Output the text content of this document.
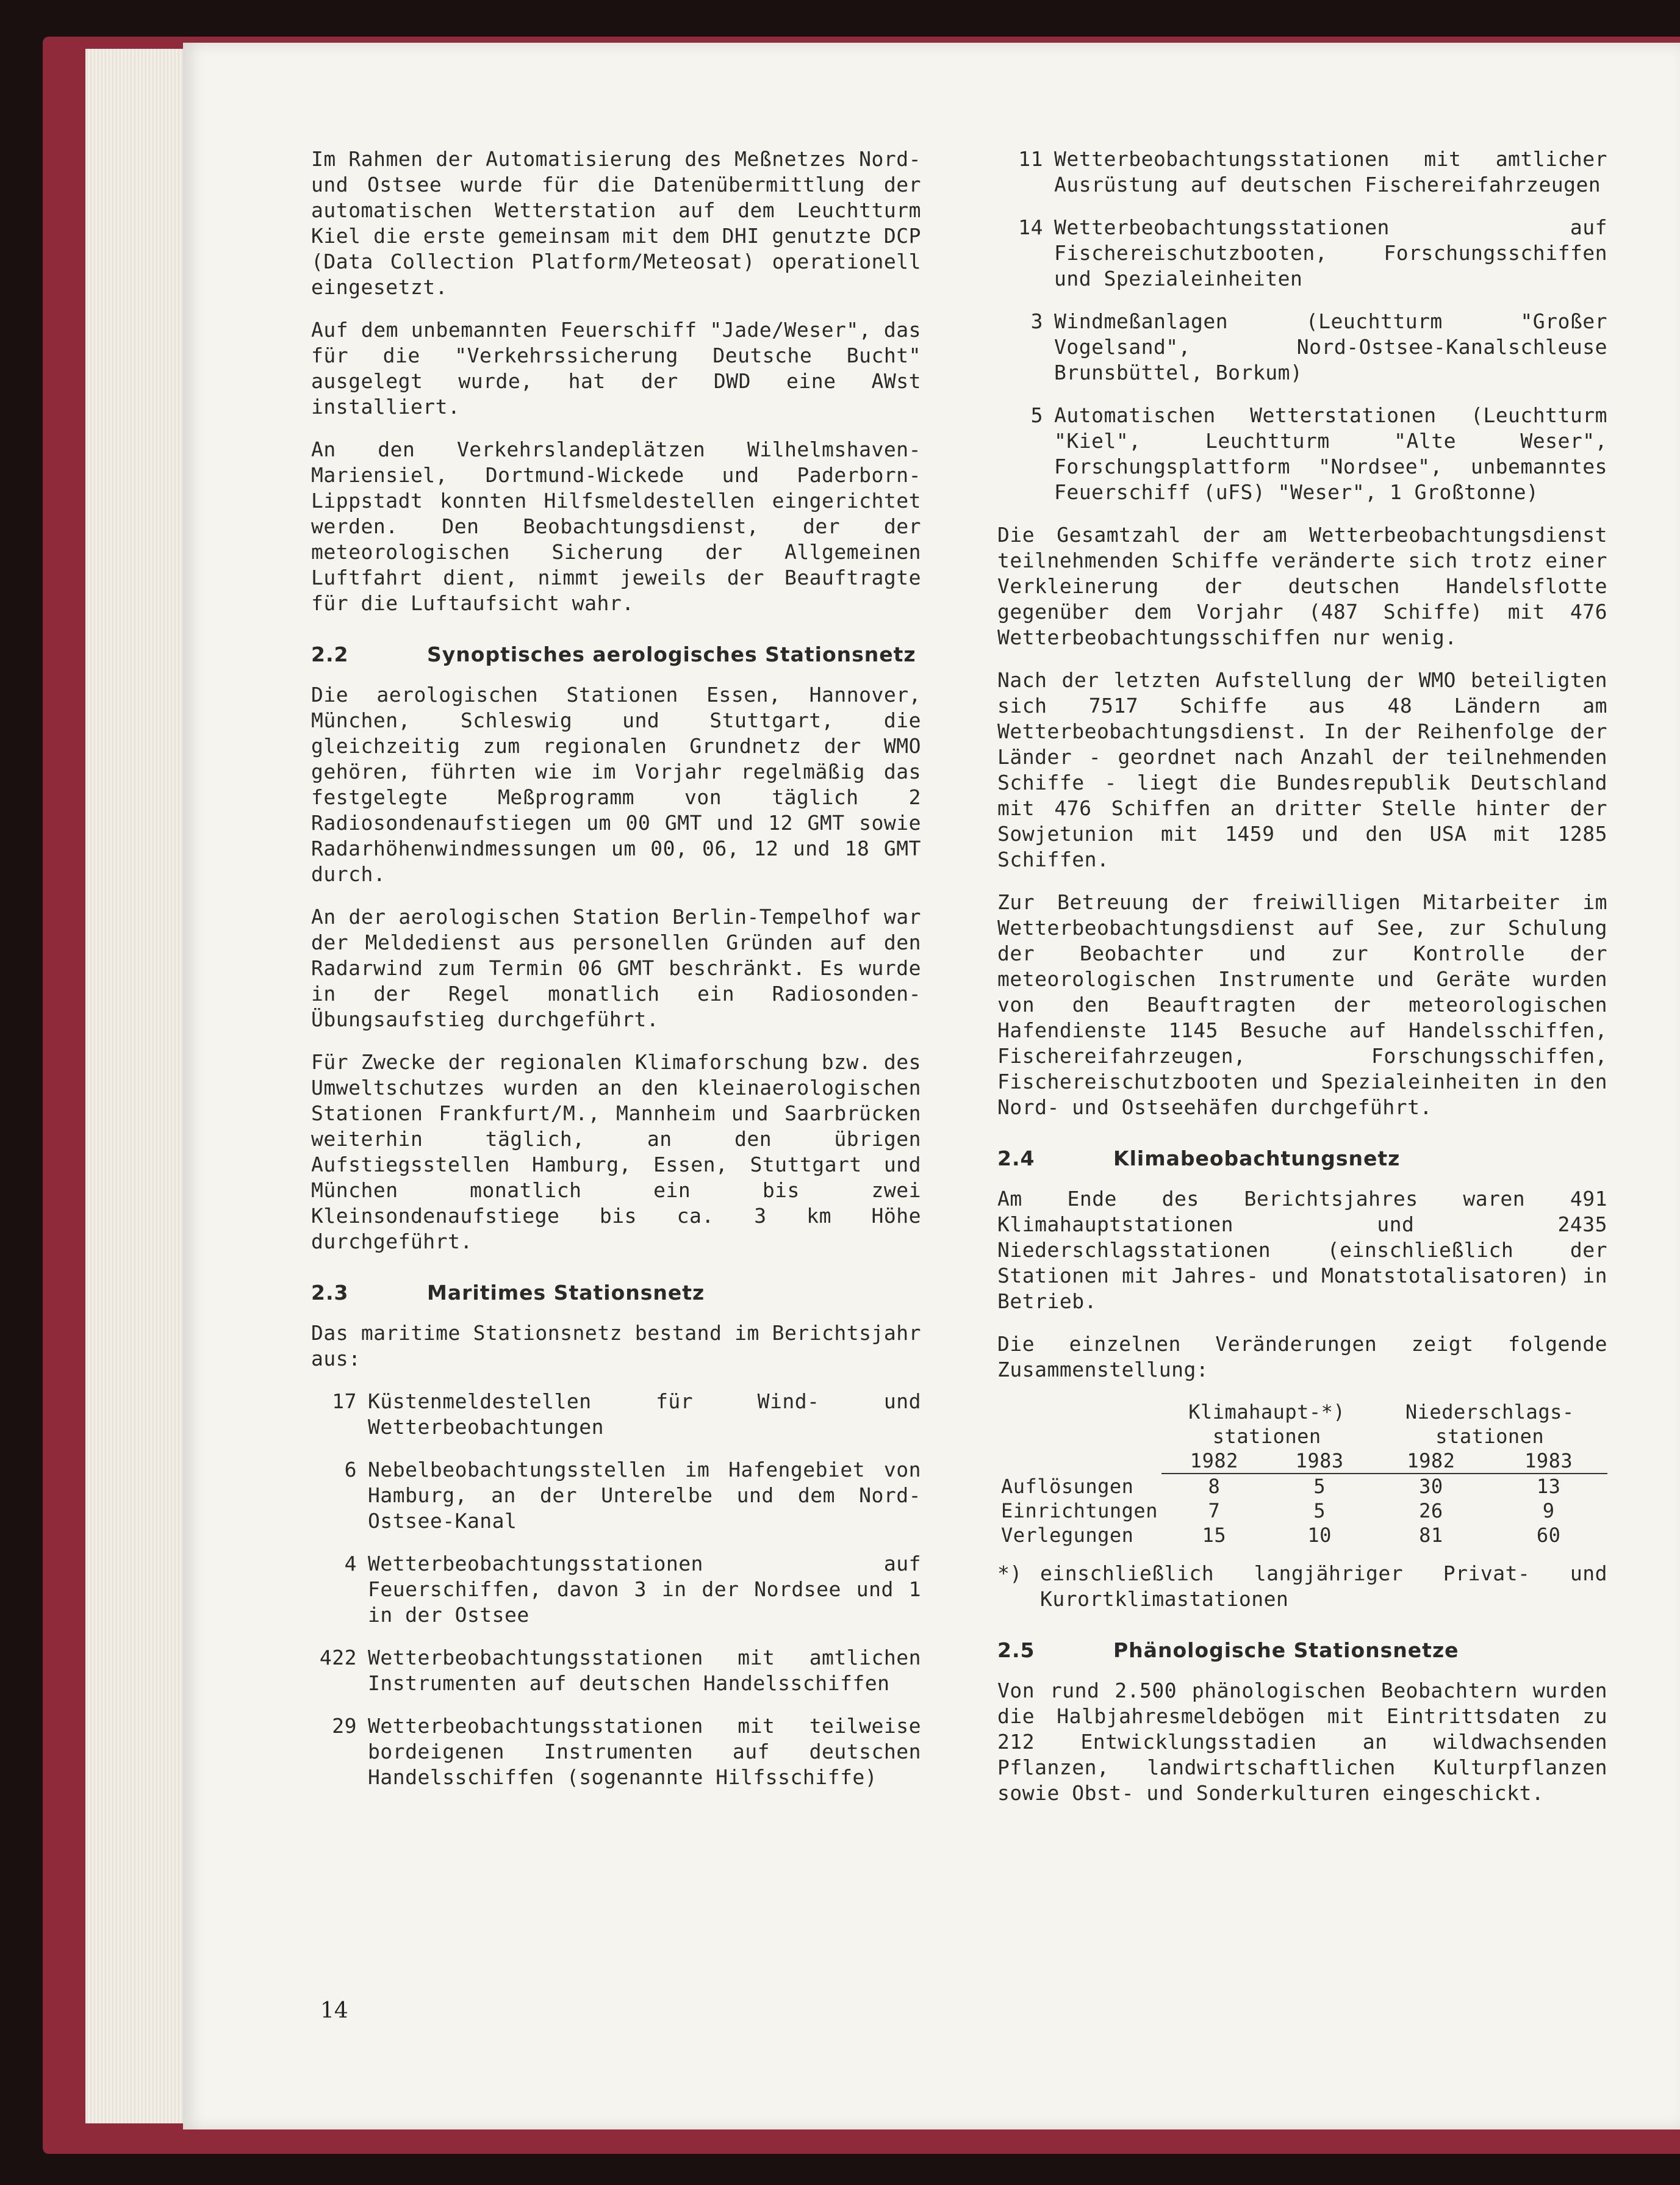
Im Rahmen der Automatisierung des Meßnetzes Nord- und Ostsee wurde für die Datenübermittlung der automatischen Wetterstation auf dem Leuchtturm Kiel die erste gemeinsam mit dem DHI genutzte DCP (Data Collection Platform/Meteosat) operationell eingesetzt.

Auf dem unbemannten Feuerschiff "Jade/Weser", das für die "Verkehrssicherung Deutsche Bucht" ausgelegt wurde, hat der DWD eine AWst installiert.

An den Verkehrslandeplätzen Wilhelmshaven-Mariensiel, Dortmund-Wickede und Paderborn-Lippstadt konnten Hilfsmeldestellen eingerichtet werden. Den Beobachtungsdienst, der der meteorologischen Sicherung der Allgemeinen Luftfahrt dient, nimmt jeweils der Beauftragte für die Luftaufsicht wahr.

2.2	Synoptisches aerologisches Stationsnetz

Die aerologischen Stationen Essen, Hannover, München, Schleswig und Stuttgart, die gleichzeitig zum regionalen Grundnetz der WMO gehören, führten wie im Vorjahr regelmäßig das festgelegte Meßprogramm von täglich 2 Radiosondenaufstiegen um 00 GMT und 12 GMT sowie Radarhöhenwindmessungen um 00, 06, 12 und 18 GMT durch.

An der aerologischen Station Berlin-Tempelhof war der Meldedienst aus personellen Gründen auf den Radarwind zum Termin 06 GMT beschränkt. Es wurde in der Regel monatlich ein Radiosonden-Übungsaufstieg durchgeführt.

Für Zwecke der regionalen Klimaforschung bzw. des Umweltschutzes wurden an den kleinaerologischen Stationen Frankfurt/M., Mannheim und Saarbrücken weiterhin täglich, an den übrigen Aufstiegsstellen Hamburg, Essen, Stuttgart und München monatlich ein bis zwei Kleinsondenaufstiege bis ca. 3 km Höhe durchgeführt.

2.3	Maritimes Stationsnetz

Das maritime Stationsnetz bestand im Berichtsjahr aus:

17 Küstenmeldestellen für Wind- und Wetterbeobachtungen
6 Nebelbeobachtungsstellen im Hafengebiet von Hamburg, an der Unterelbe und dem Nord-Ostsee-Kanal
4 Wetterbeobachtungsstationen auf Feuerschiffen, davon 3 in der Nordsee und 1 in der Ostsee
422 Wetterbeobachtungsstationen mit amtlichen Instrumenten auf deutschen Handelsschiffen
29 Wetterbeobachtungsstationen mit teilweise bordeigenen Instrumenten auf deutschen Handelsschiffen (sogenannte Hilfsschiffe)
11 Wetterbeobachtungsstationen mit amtlicher Ausrüstung auf deutschen Fischereifahrzeugen
14 Wetterbeobachtungsstationen auf Fischereischutzbooten, Forschungsschiffen und Spezialeinheiten
3 Windmeßanlagen (Leuchtturm "Großer Vogelsand", Nord-Ostsee-Kanalschleuse Brunsbüttel, Borkum)
5 Automatischen Wetterstationen (Leuchtturm "Kiel", Leuchtturm "Alte Weser", Forschungsplattform "Nordsee", unbemanntes Feuerschiff (uFS) "Weser", 1 Großtonne)

Die Gesamtzahl der am Wetterbeobachtungsdienst teilnehmenden Schiffe veränderte sich trotz einer Verkleinerung der deutschen Handelsflotte gegenüber dem Vorjahr (487 Schiffe) mit 476 Wetterbeobachtungsschiffen nur wenig.

Nach der letzten Aufstellung der WMO beteiligten sich 7517 Schiffe aus 48 Ländern am Wetterbeobachtungsdienst. In der Reihenfolge der Länder - geordnet nach Anzahl der teilnehmenden Schiffe - liegt die Bundesrepublik Deutschland mit 476 Schiffen an dritter Stelle hinter der Sowjetunion mit 1459 und den USA mit 1285 Schiffen.

Zur Betreuung der freiwilligen Mitarbeiter im Wetterbeobachtungsdienst auf See, zur Schulung der Beobachter und zur Kontrolle der meteorologischen Instrumente und Geräte wurden von den Beauftragten der meteorologischen Hafendienste 1145 Besuche auf Handelsschiffen, Fischereifahrzeugen, Forschungsschiffen, Fischereischutzbooten und Spezialeinheiten in den Nord- und Ostseehäfen durchgeführt.

2.4	Klimabeobachtungsnetz

Am Ende des Berichtsjahres waren 491 Klimahauptstationen und 2435 Niederschlagsstationen (einschließlich der Stationen mit Jahres- und Monatstotalisatoren) in Betrieb.

Die einzelnen Veränderungen zeigt folgende Zusammenstellung:

	Klimahaupt-*) stationen		Niederschlags- stationen	
	1982	1983	1982	1983
Auflösungen	8	5	30	13
Einrichtungen	7	5	26	9
Verlegungen	15	10	81	60
*) einschließlich langjähriger Privat- und Kurortklimastationen
2.5	Phänologische Stationsnetze

Von rund 2.500 phänologischen Beobachtern wurden die Halbjahresmeldebögen mit Eintrittsdaten zu 212 Entwicklungsstadien an wildwachsenden Pflanzen, landwirtschaftlichen Kulturpflanzen sowie Obst- und Sonderkulturen eingeschickt.

14
